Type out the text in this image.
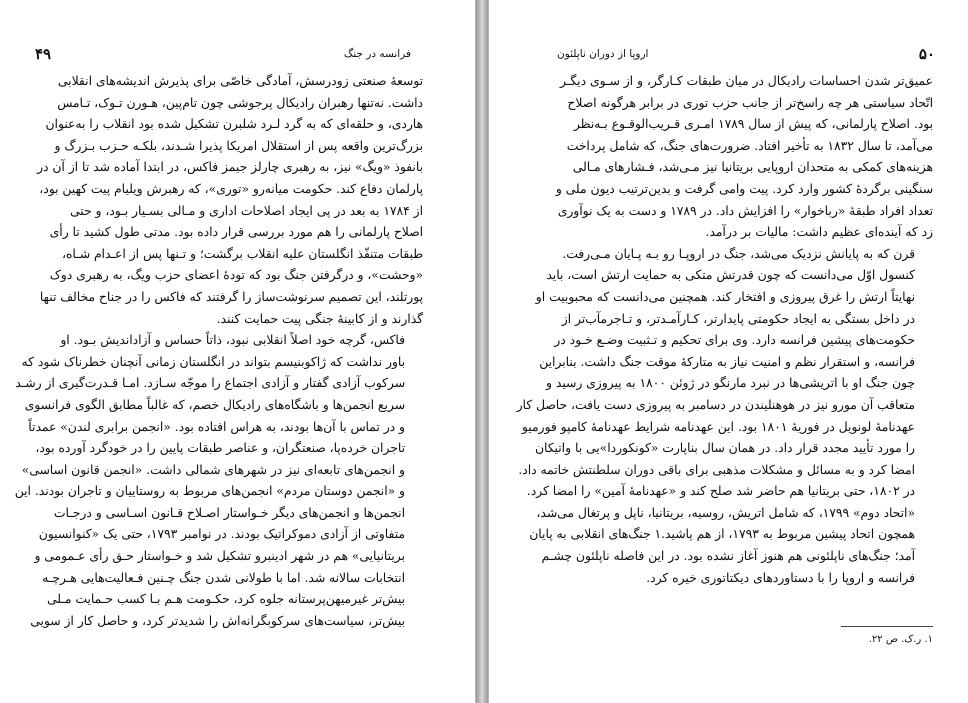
فرانسه در جنگ
۴۹
توسعهٔ صنعتی زودرسش، آمادگی خاصّی برای پذیرش اندیشه‌های انقلابی
داشت. نه‌تنها رهبران رادیکال پرجوشی چون تام‌پین، هـورن تـوک، تـامس
هاردی، و حلقه‌ای که به گرد لـرد شلبرن تشکیل شده بود انقلاب را به‌عنوان
بزرگ‌ترین واقعه پس از استقلال امریکا پذیرا شـدند، بلکـه حـزب بـزرگ و
بانفوذ «ویگ» نیز، به رهبری چارلز جیمز فاکس، در ابتدا آماده شد تا از آن در
پارلمان دفاع کند. حکومت میانه‌رو «توری»، که رهبرش ویلیام پیت کهین بود،
از ۱۷۸۴ به بعد در پی ایجاد اصلاحات اداری و مـالی بسـیار بـود، و حتی
اصلاح پارلمانی را هم مورد بررسی قرار داده بود. مدتی طول کشید تا رأی
طبقات متنفّذ انگلستان علیه انقلاب برگشت؛ و تـنها پس از اعـدام شـاه،
«وحشت»، و درگرفتن جنگ بود که تودهٔ اعضای حزب ویگ، به رهبری دوک
پورتلند، این تصمیم سرنوشت‌ساز را گرفتند که فاکس را در جناح مخالف تنها
گذارند و از کابینهٔ جنگی پیت حمایت کنند.
فاکس، گرچه خود اصلاً انقلابی نبود، ذاتاً حساس و آزاداندیش بـود. او
باور نداشت که ژاکوبنیسم بتواند در انگلستان زمانی آنچنان خطرناک شود که
سرکوب آزادی گفتار و آزادی اجتماع را موجّه سـازد. امـا قـدرت‌گیری از رشـد
سریع انجمن‌ها و باشگاه‌های رادیکال خصم، که غالباً مطابق الگوی فرانسوی
و در تماس با آن‌ها بودند، به هراس افتاده بود. «انجمن برابری لندن» عمدتاً
تاجران خرده‌پا، صنعتگران، و عناصر طبقات پایین را در خودگرد آورده بود،
و انجمن‌های تابعه‌ای نیز در شهرهای شمالی داشت. «انجمن قانون اساسی»
و «انجمن دوستان مردم» انجمن‌های مربوط به روستاییان و تاجران بودند. این
انجمن‌ها و انجمن‌های دیگر خـواستار اصـلاح قـانون اسـاسی و درجـات
متفاوتی از آزادی دموکراتیک بودند. در نوامبر ۱۷۹۳، حتی یک «کنوانسیون
بریتانیایی» هم در شهر ادینبرو تشکیل شد و خـواستار حـق رأی عـمومی و
انتخابات سالانه شد. اما با طولانی شدن جنگ چـنین فـعالیت‌هایی هـرچـه
بیش‌تر غیرمیهن‌پرستانه جلوه کرد، حکـومت هـم بـا کسب حـمایت مـلی
بیش‌تر، سیاست‌های سرکوبگرانه‌اش را شدیدتر کرد، و حاصل کار از سویی
۵۰
اروپا از دوران ناپلئون
عمیق‌تر شدن احساسات رادیکال در میان طبقات کـارگر، و از سـوی دیگـر
اتّحاد سیاستی هر چه راسخ‌تر از جانب حزب توری در برابر هرگونه اصلاح
بود. اصلاح پارلمانی، که پیش از سال ۱۷۸۹ امـری قـریب‌الوقـوع بـه‌نظر
می‌آمد، تا سال ۱۸۳۲ به تأخیر افتاد. ضرورت‌های جنگ، که شامل پرداخت
هزینه‌های کمکی به متحدان اروپایی بریتانیا نیز مـی‌شد، فـشارهای مـالی
سنگینی برگردهٔ کشور وارد کرد. پیت وامی گرفت و بدین‌ترتیب دیون ملی و
تعداد افراد طبقهٔ «رباخوار» را افزایش داد. در ۱۷۸۹ و دست به یک نوآوری
زد که آینده‌ای عظیم داشت: مالیات بر درآمد.
قرن که به پایانش نزدیک می‌شد، جنگ در اروپـا رو بـه پـایان مـی‌رفت.
کنسول اوّل می‌دانست که چون قدرتش متکی به حمایت ارتش است، باید
نهایتاً ارتش را غرق پیروزی و افتخار کند. همچنین می‌دانست که محبوبیت او
در داخل بستگی به ایجاد حکومتی پایدارتر، کـارآمـدتر، و تـاجرمآب‌تر از
حکومت‌های پیشین فرانسه دارد. وی برای تحکیم و تـثبیت وضـع خـود در
فرانسه، و استقرار نظم و امنیت نیاز به متارکهٔ موقت جنگ داشت. بنابراین
چون جنگ او با اتریشی‌ها در نبرد مارنگو در ژوئن ۱۸۰۰ به پیروزی رسید و
متعاقب آن مورو نیز در هوهنلیندن در دسامبر به پیروزی دست یافت، حاصل کار
عهدنامهٔ لونویل در فوریهٔ ۱۸۰۱ بود. این عهدنامه شرایط عهدنامهٔ کامپو فورمیو
را مورد تأیید مجدد قرار داد. در همان سال بناپارت «کونکوردا»یی با واتیکان
امضا کرد و به مسائل و مشکلات مذهبی برای باقی دوران سلطنتش خاتمه داد.
در ۱۸۰۲، حتی بریتانیا هم حاضر شد صلح کند و «عهدنامهٔ آمین» را امضا کرد.
«اتحاد دوم» ۱۷۹۹، که شامل اتریش، روسیه، بریتانیا، ناپل و پرتغال می‌شد،
همچون اتحاد پیشین مربوط به ۱۷۹۳، از هم پاشید.۱ جنگ‌های انقلابی به پایان
آمد؛ جنگ‌های ناپلئونی هم هنوز آغاز نشده بود. در این فاصله ناپلئون چشـم
فرانسه و اروپا را با دستاوردهای دیکتاتوری خیره کرد.
۱. ر.ک. ص ۲۲.
